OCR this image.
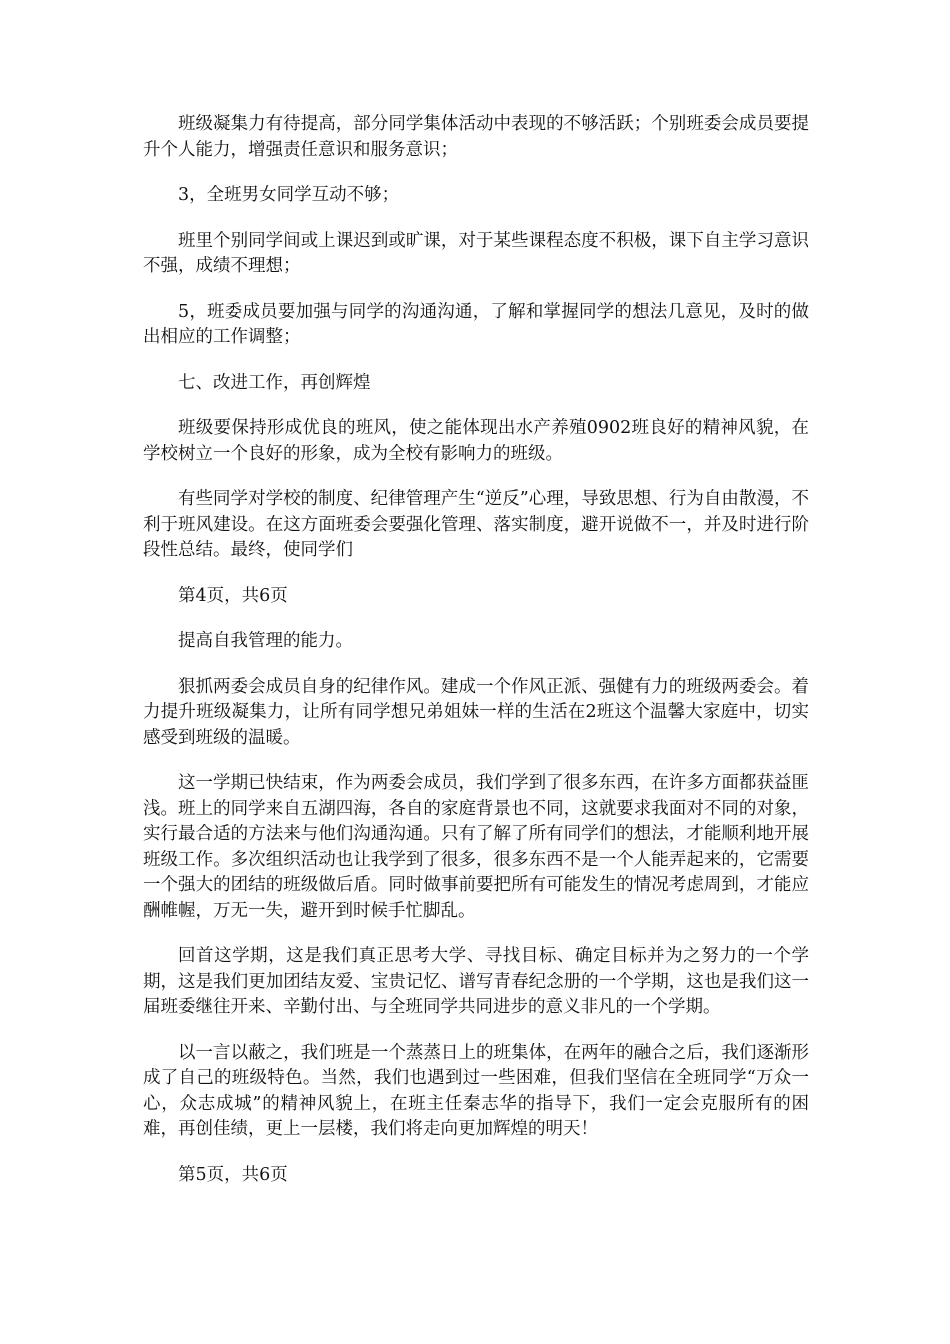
班级凝集力有待提高，部分同学集体活动中表现的不够活跃；个别班委会成员要提升个人能力，增强责任意识和服务意识；

3，全班男女同学互动不够；

班里个别同学间或上课迟到或旷课，对于某些课程态度不积极，课下自主学习意识不强，成绩不理想；

5，班委成员要加强与同学的沟通沟通，了解和掌握同学的想法几意见，及时的做出相应的工作调整；

七、改进工作，再创辉煌

班级要保持形成优良的班风，使之能体现出水产养殖0902班良好的精神风貌，在学校树立一个良好的形象，成为全校有影响力的班级。

有些同学对学校的制度、纪律管理产生“逆反”心理，导致思想、行为自由散漫，不利于班风建设。在这方面班委会要强化管理、落实制度，避开说做不一，并及时进行阶段性总结。最终，使同学们

第4页，共6页

提高自我管理的能力。

狠抓两委会成员自身的纪律作风。建成一个作风正派、强健有力的班级两委会。着力提升班级凝集力，让所有同学想兄弟姐妹一样的生活在2班这个温馨大家庭中，切实感受到班级的温暖。

这一学期已快结束，作为两委会成员，我们学到了很多东西，在许多方面都获益匪浅。班上的同学来自五湖四海，各自的家庭背景也不同，这就要求我面对不同的对象，实行最合适的方法来与他们沟通沟通。只有了解了所有同学们的想法，才能顺利地开展班级工作。多次组织活动也让我学到了很多，很多东西不是一个人能弄起来的，它需要一个强大的团结的班级做后盾。同时做事前要把所有可能发生的情况考虑周到，才能应酬帷幄，万无一失，避开到时候手忙脚乱。

回首这学期，这是我们真正思考大学、寻找目标、确定目标并为之努力的一个学期，这是我们更加团结友爱、宝贵记忆、谱写青春纪念册的一个学期，这也是我们这一届班委继往开来、辛勤付出、与全班同学共同进步的意义非凡的一个学期。

以一言以蔽之，我们班是一个蒸蒸日上的班集体，在两年的融合之后，我们逐渐形成了自己的班级特色。当然，我们也遇到过一些困难，但我们坚信在全班同学“万众一心，众志成城”的精神风貌上，在班主任秦志华的指导下，我们一定会克服所有的困难，再创佳绩，更上一层楼，我们将走向更加辉煌的明天！

第5页，共6页
